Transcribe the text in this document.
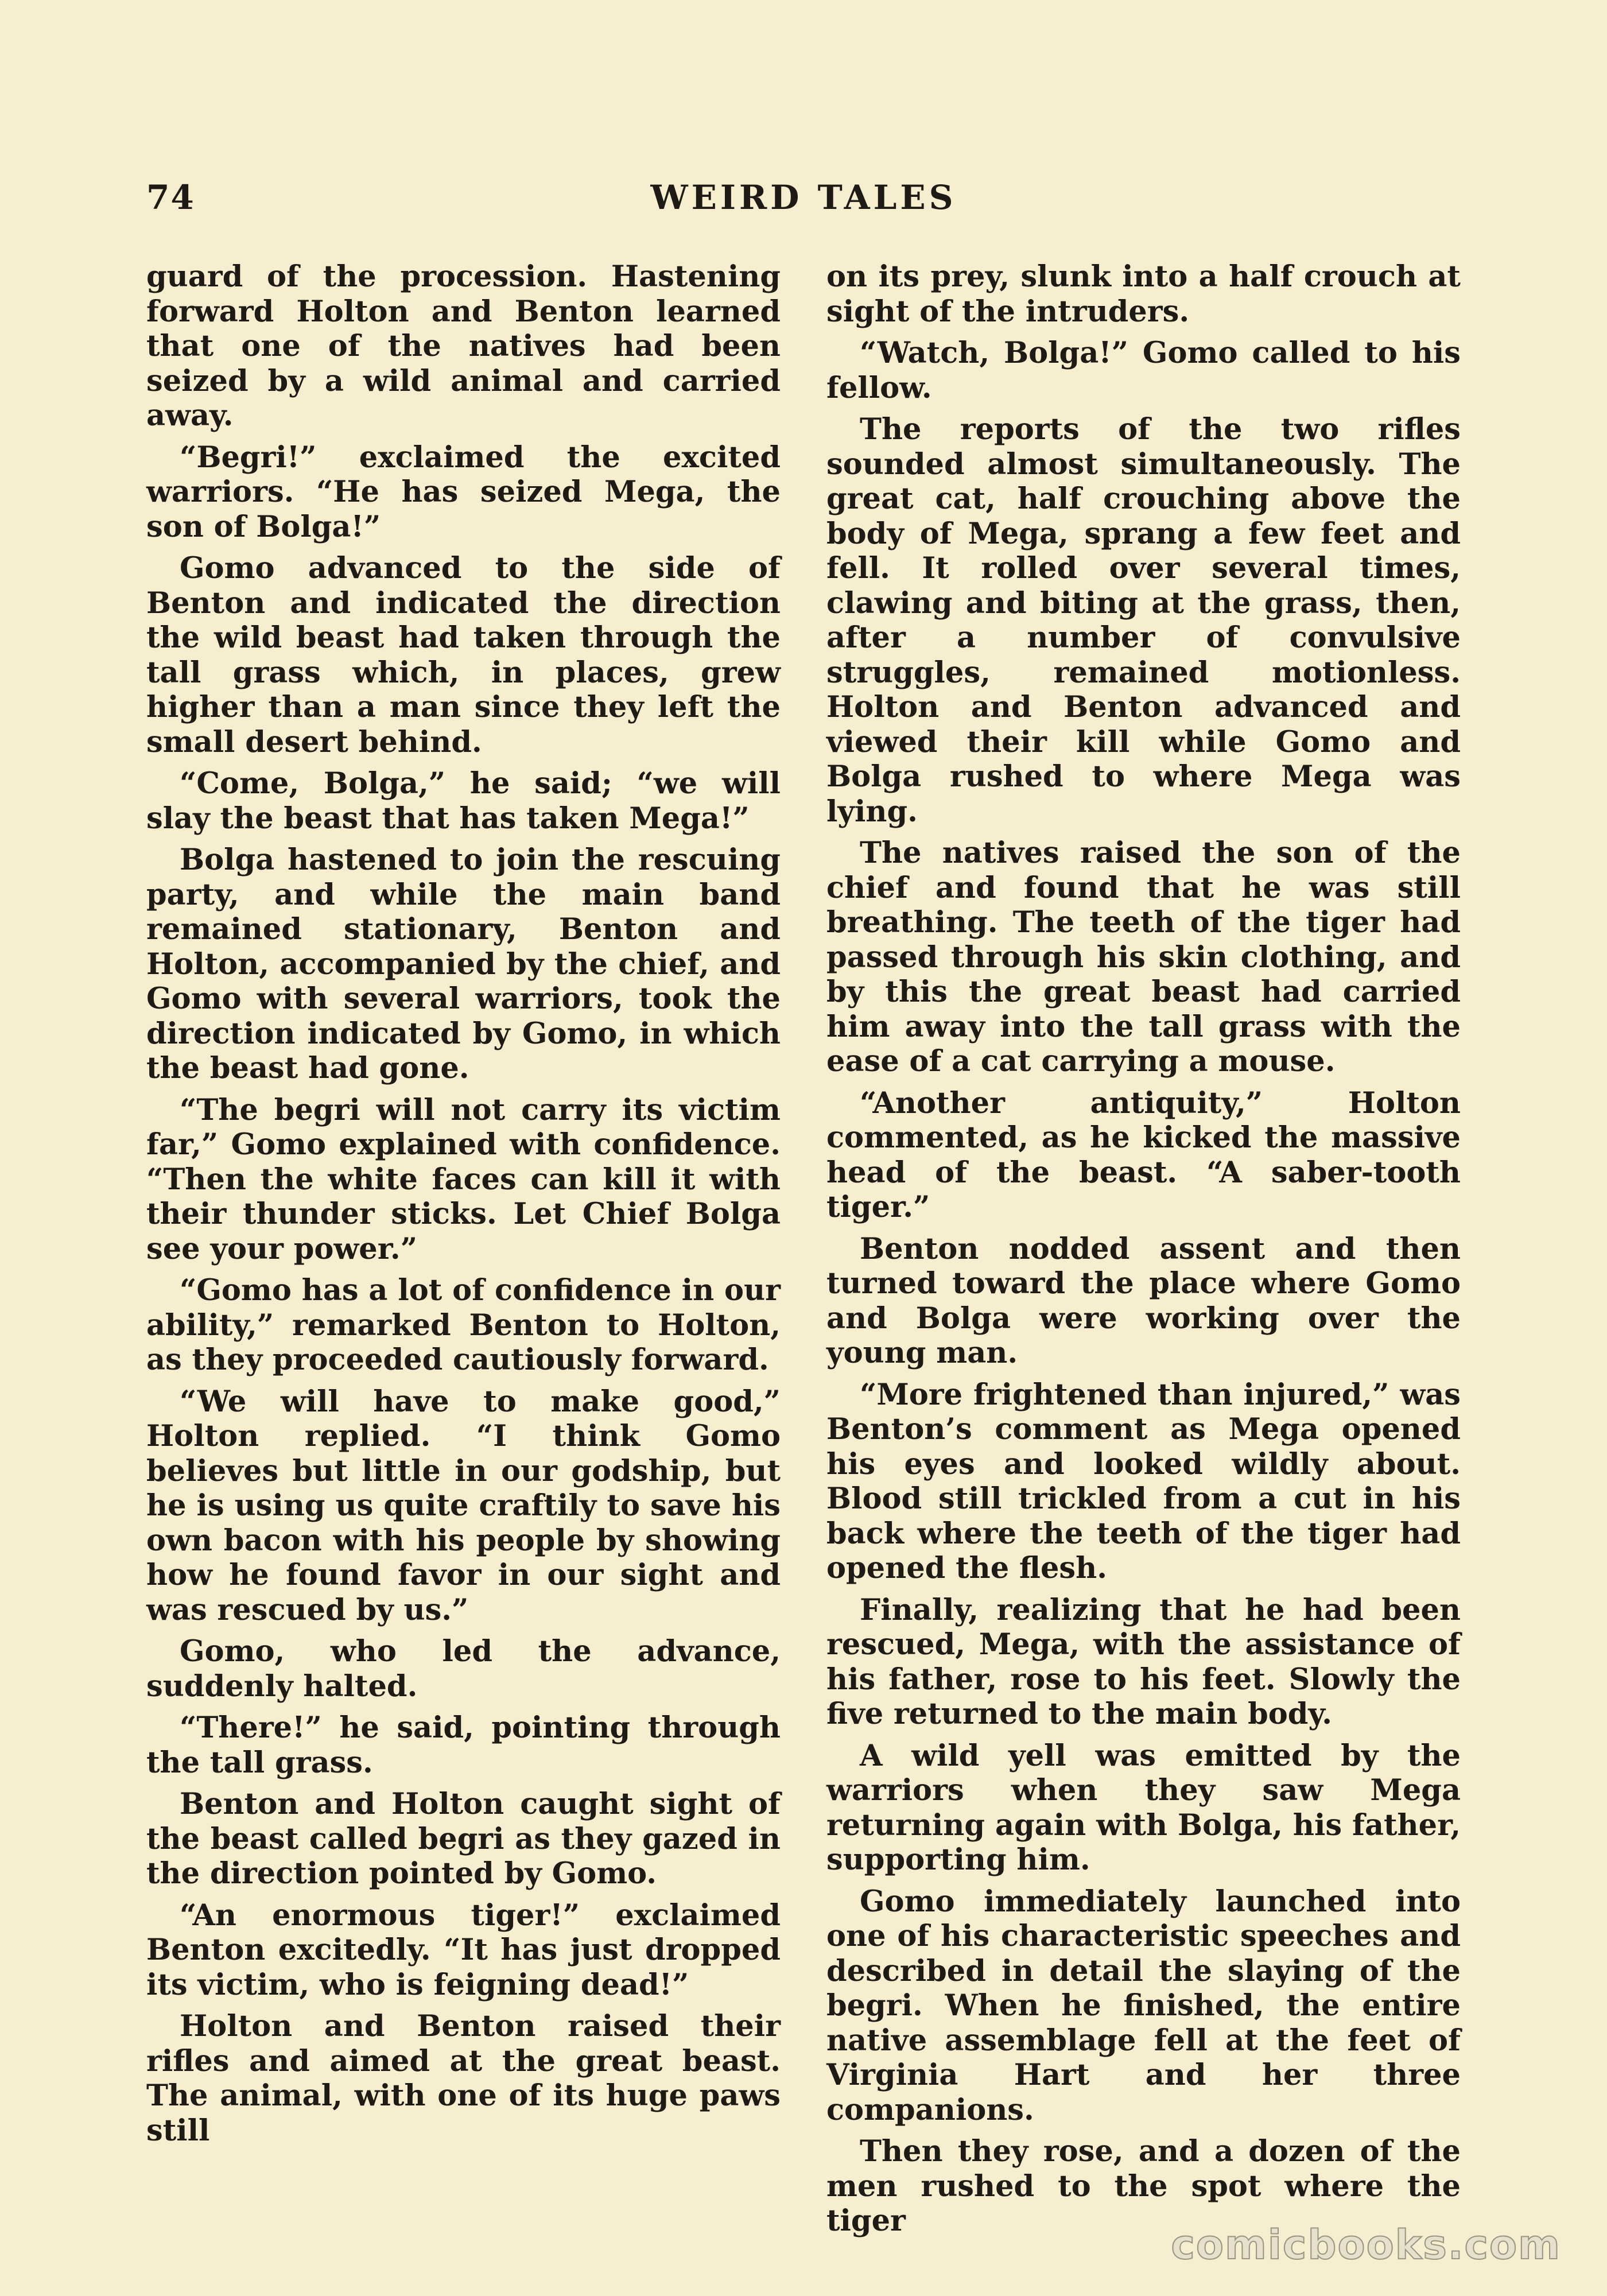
74	WEIRD TALES

guard of the procession. Hastening forward Holton and Benton learned that one of the natives had been seized by a wild animal and carried away.

“Begri!” exclaimed the excited warriors. “He has seized Mega, the son of Bolga!”

Gomo advanced to the side of Benton and indicated the direction the wild beast had taken through the tall grass which, in places, grew higher than a man since they left the small desert behind.

“Come, Bolga,” he said; “we will slay the beast that has taken Mega!”

Bolga hastened to join the rescuing party, and while the main band remained stationary, Benton and Holton, accompanied by the chief, and Gomo with several warriors, took the direction indicated by Gomo, in which the beast had gone.

“The begri will not carry its victim far,” Gomo explained with confidence. “Then the white faces can kill it with their thunder sticks. Let Chief Bolga see your power.”

“Gomo has a lot of confidence in our ability,” remarked Benton to Holton, as they proceeded cautiously forward.

“We will have to make good,” Holton replied. “I think Gomo believes but little in our godship, but he is using us quite craftily to save his own bacon with his people by showing how he found favor in our sight and was rescued by us.”

Gomo, who led the advance, suddenly halted.

“There!” he said, pointing through the tall grass.

Benton and Holton caught sight of the beast called begri as they gazed in the direction pointed by Gomo.

“An enormous tiger!” exclaimed Benton excitedly. “It has just dropped its victim, who is feigning dead!”

Holton and Benton raised their rifles and aimed at the great beast. The animal, with one of its huge paws still

on its prey, slunk into a half crouch at sight of the intruders.

“Watch, Bolga!” Gomo called to his fellow.

The reports of the two rifles sounded almost simultaneously. The great cat, half crouching above the body of Mega, sprang a few feet and fell. It rolled over several times, clawing and biting at the grass, then, after a number of convulsive struggles, remained motionless. Holton and Benton advanced and viewed their kill while Gomo and Bolga rushed to where Mega was lying.

The natives raised the son of the chief and found that he was still breathing. The teeth of the tiger had passed through his skin clothing, and by this the great beast had carried him away into the tall grass with the ease of a cat carrying a mouse.

“Another antiquity,” Holton commented, as he kicked the massive head of the beast. “A saber-tooth tiger.”

Benton nodded assent and then turned toward the place where Gomo and Bolga were working over the young man.

“More frightened than injured,” was Benton’s comment as Mega opened his eyes and looked wildly about. Blood still trickled from a cut in his back where the teeth of the tiger had opened the flesh.

Finally, realizing that he had been rescued, Mega, with the assistance of his father, rose to his feet. Slowly the five returned to the main body.

A wild yell was emitted by the warriors when they saw Mega returning again with Bolga, his father, supporting him.

Gomo immediately launched into one of his characteristic speeches and described in detail the slaying of the begri. When he finished, the entire native assemblage fell at the feet of Virginia Hart and her three companions.

Then they rose, and a dozen of the men rushed to the spot where the tiger

comicbooks.com
